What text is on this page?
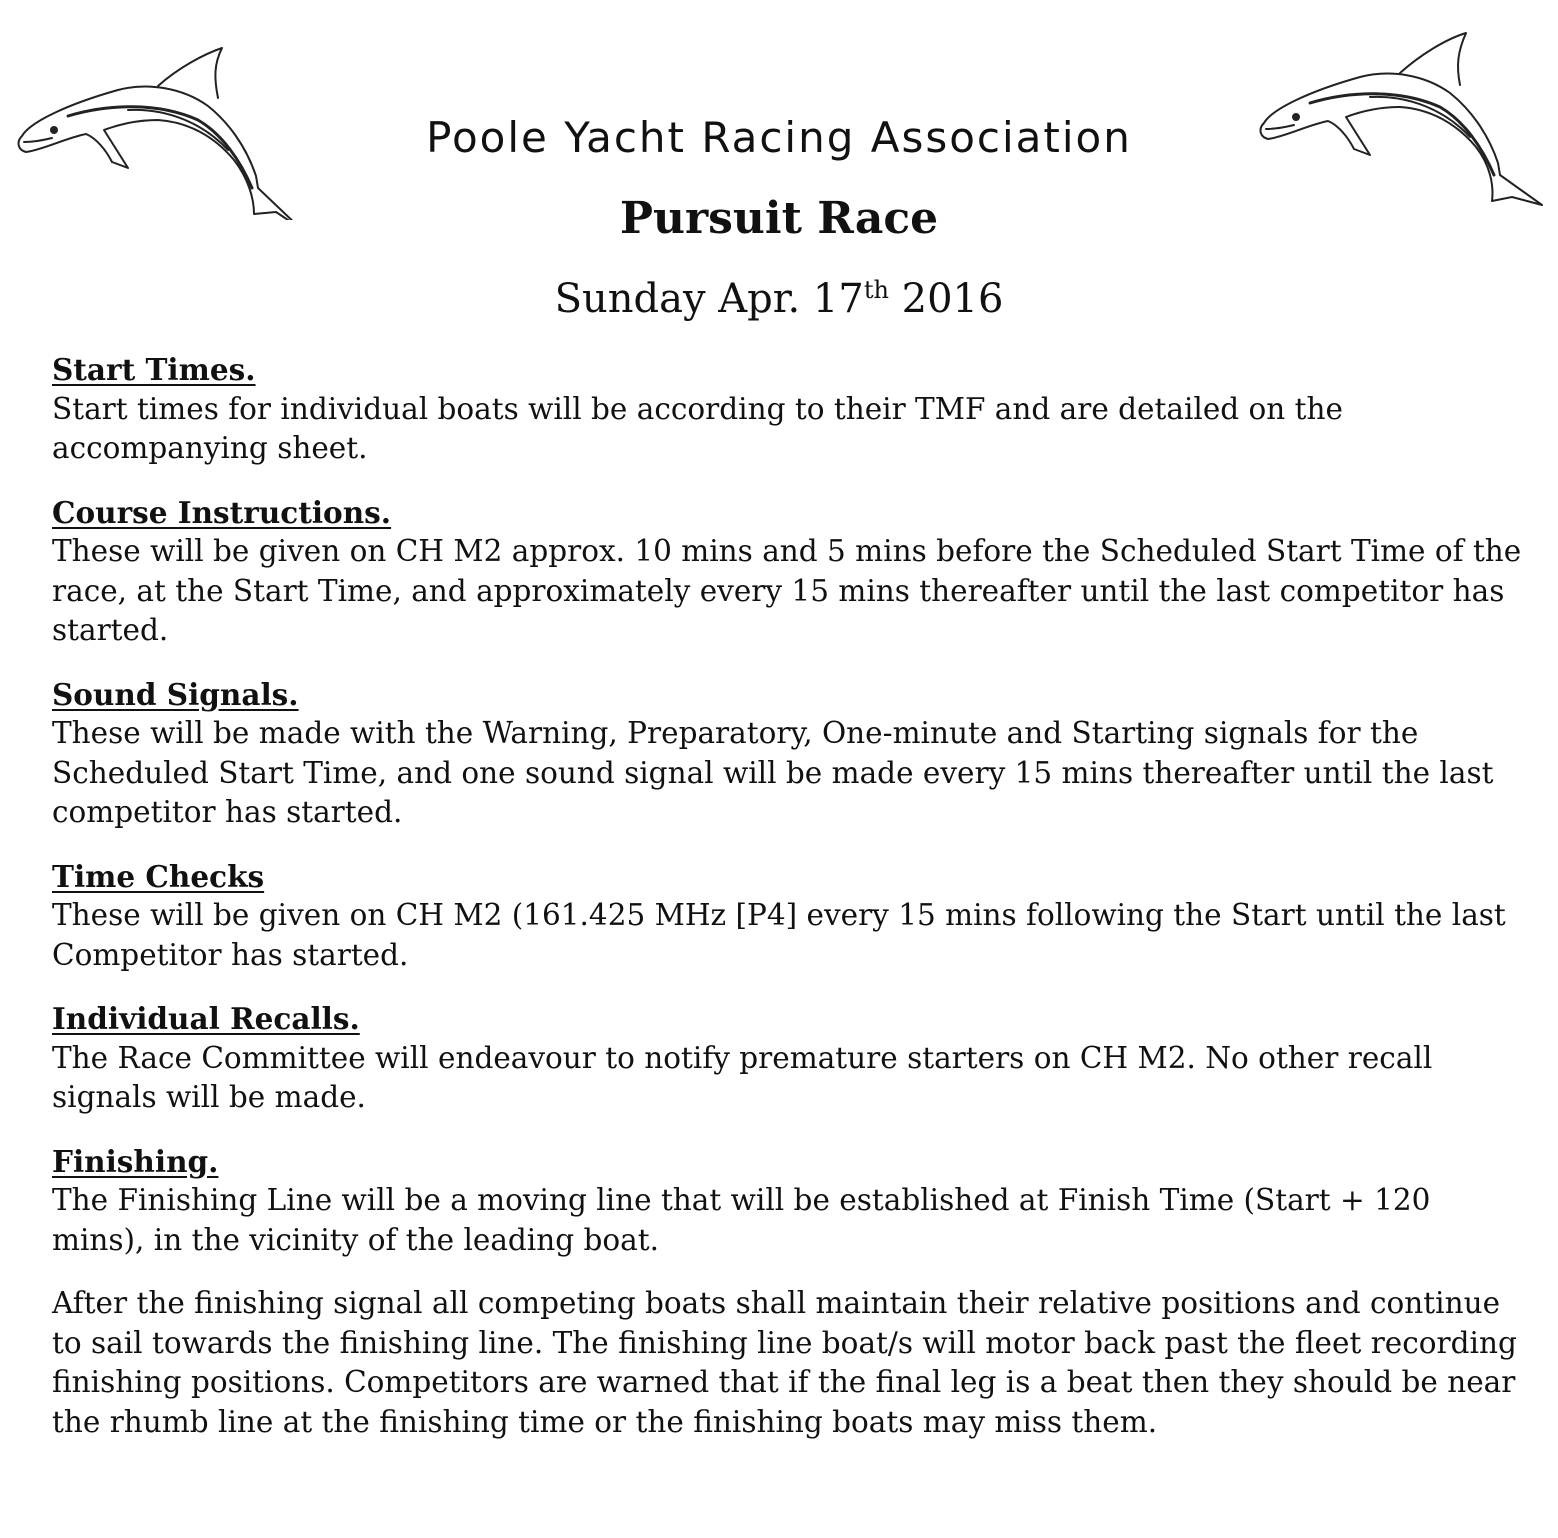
Poole Yacht Racing Association
Pursuit Race
Sunday Apr. 17th 2016
Start Times.

Start times for individual boats will be according to their TMF and are detailed on the accompanying sheet.

Course Instructions.

These will be given on CH M2 approx. 10 mins and 5 mins before the Scheduled Start Time of the race, at the Start Time, and approximately every 15 mins thereafter until the last competitor has started.

Sound Signals.

These will be made with the Warning, Preparatory, One-minute and Starting signals for the Scheduled Start Time, and one sound signal will be made every 15 mins thereafter until the last competitor has started.

Time Checks

These will be given on CH M2 (161.425 MHz [P4] every 15 mins following the Start until the last Competitor has started.

Individual Recalls.

The Race Committee will endeavour to notify premature starters on CH M2. No other recall signals will be made.

Finishing.

The Finishing Line will be a moving line that will be established at Finish Time (Start + 120 mins), in the vicinity of the leading boat.

After the finishing signal all competing boats shall maintain their relative positions and continue to sail towards the finishing line. The finishing line boat/s will motor back past the fleet recording finishing positions. Competitors are warned that if the final leg is a beat then they should be near the rhumb line at the finishing time or the finishing boats may miss them.
